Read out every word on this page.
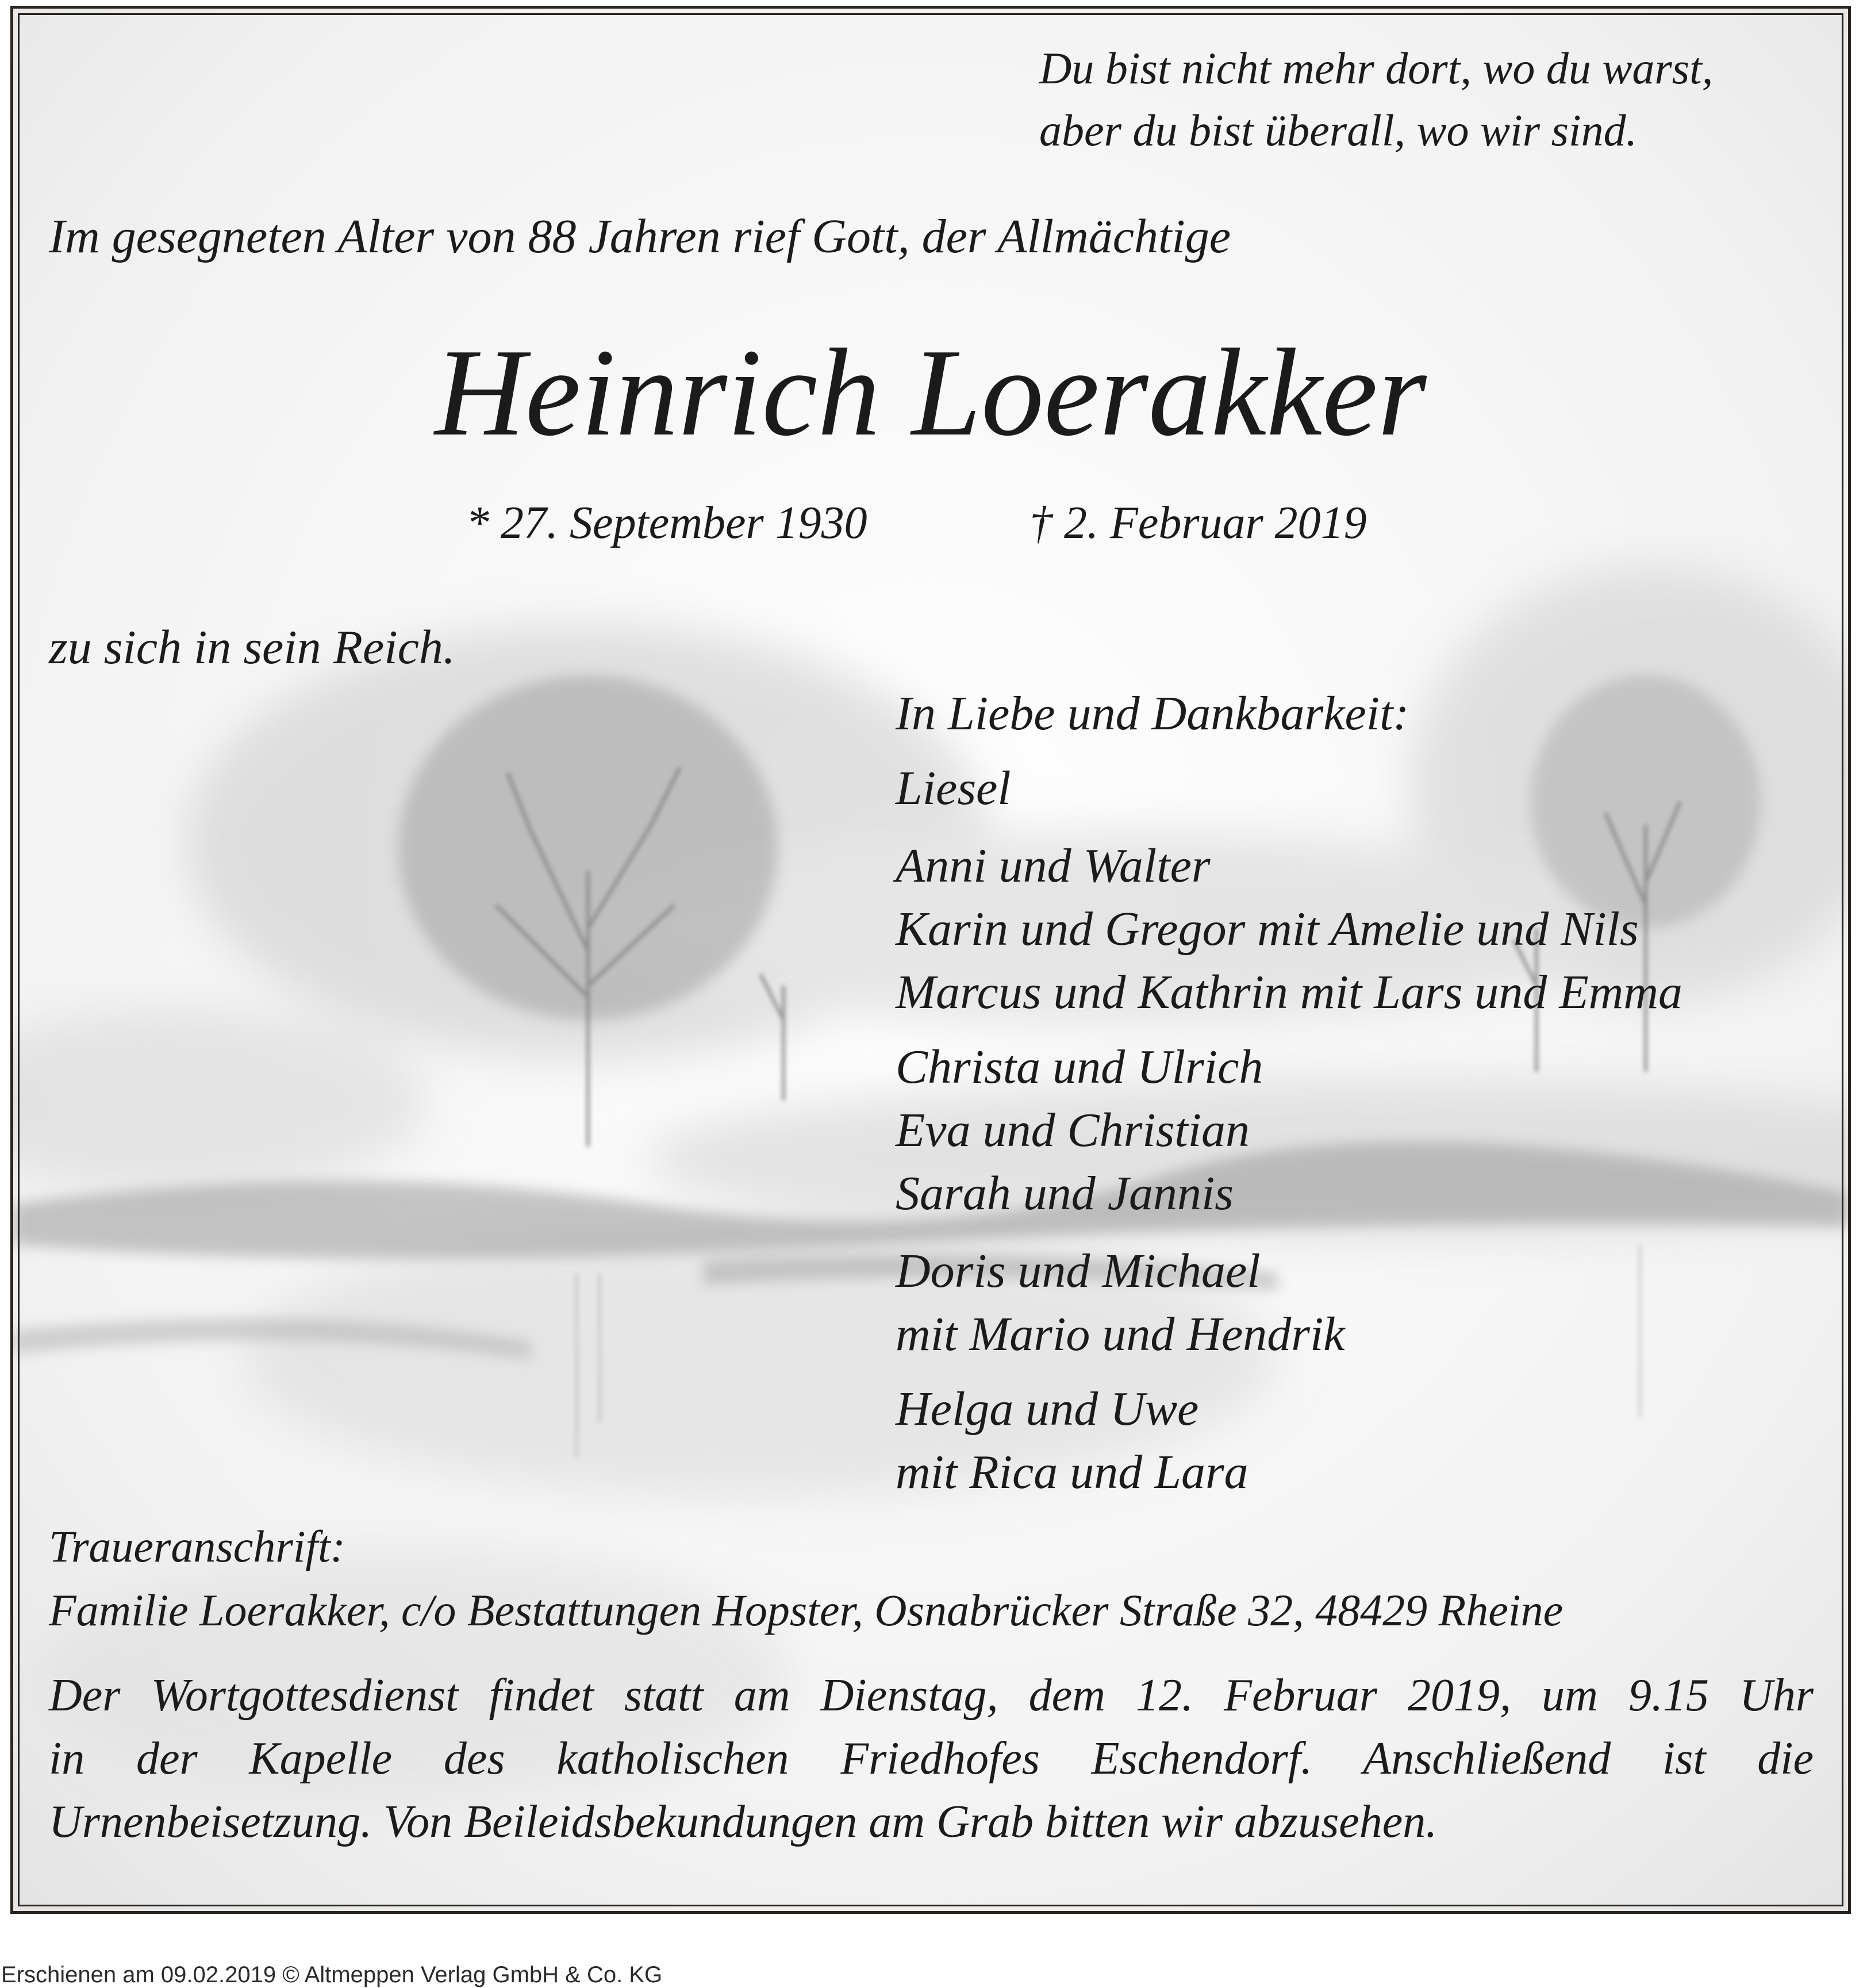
Du bist nicht mehr dort, wo du warst,
aber du bist überall, wo wir sind.

Im gesegneten Alter von 88 Jahren rief Gott, der Allmächtige

Heinrich Loerakker

* 27. September 1930	† 2. Februar 2019

zu sich in sein Reich.

In Liebe und Dankbarkeit:

Liesel

Anni und Walter

Karin und Gregor mit Amelie und Nils

Marcus und Kathrin mit Lars und Emma

Christa und Ulrich

Eva und Christian

Sarah und Jannis

Doris und Michael

mit Mario und Hendrik

Helga und Uwe

mit Rica und Lara

Traueranschrift:
Familie Loerakker, c/o Bestattungen Hopster, Osnabrücker Straße 32, 48429 Rheine
Der Wortgottesdienst findet statt am Dienstag, dem 12. Februar 2019, um 9.15 Uhr
in der Kapelle des katholischen Friedhofes Eschendorf. Anschließend ist die
Urnenbeisetzung. Von Beileidsbekundungen am Grab bitten wir abzusehen.

Erschienen am 09.02.2019 © Altmeppen Verlag GmbH & Co. KG
